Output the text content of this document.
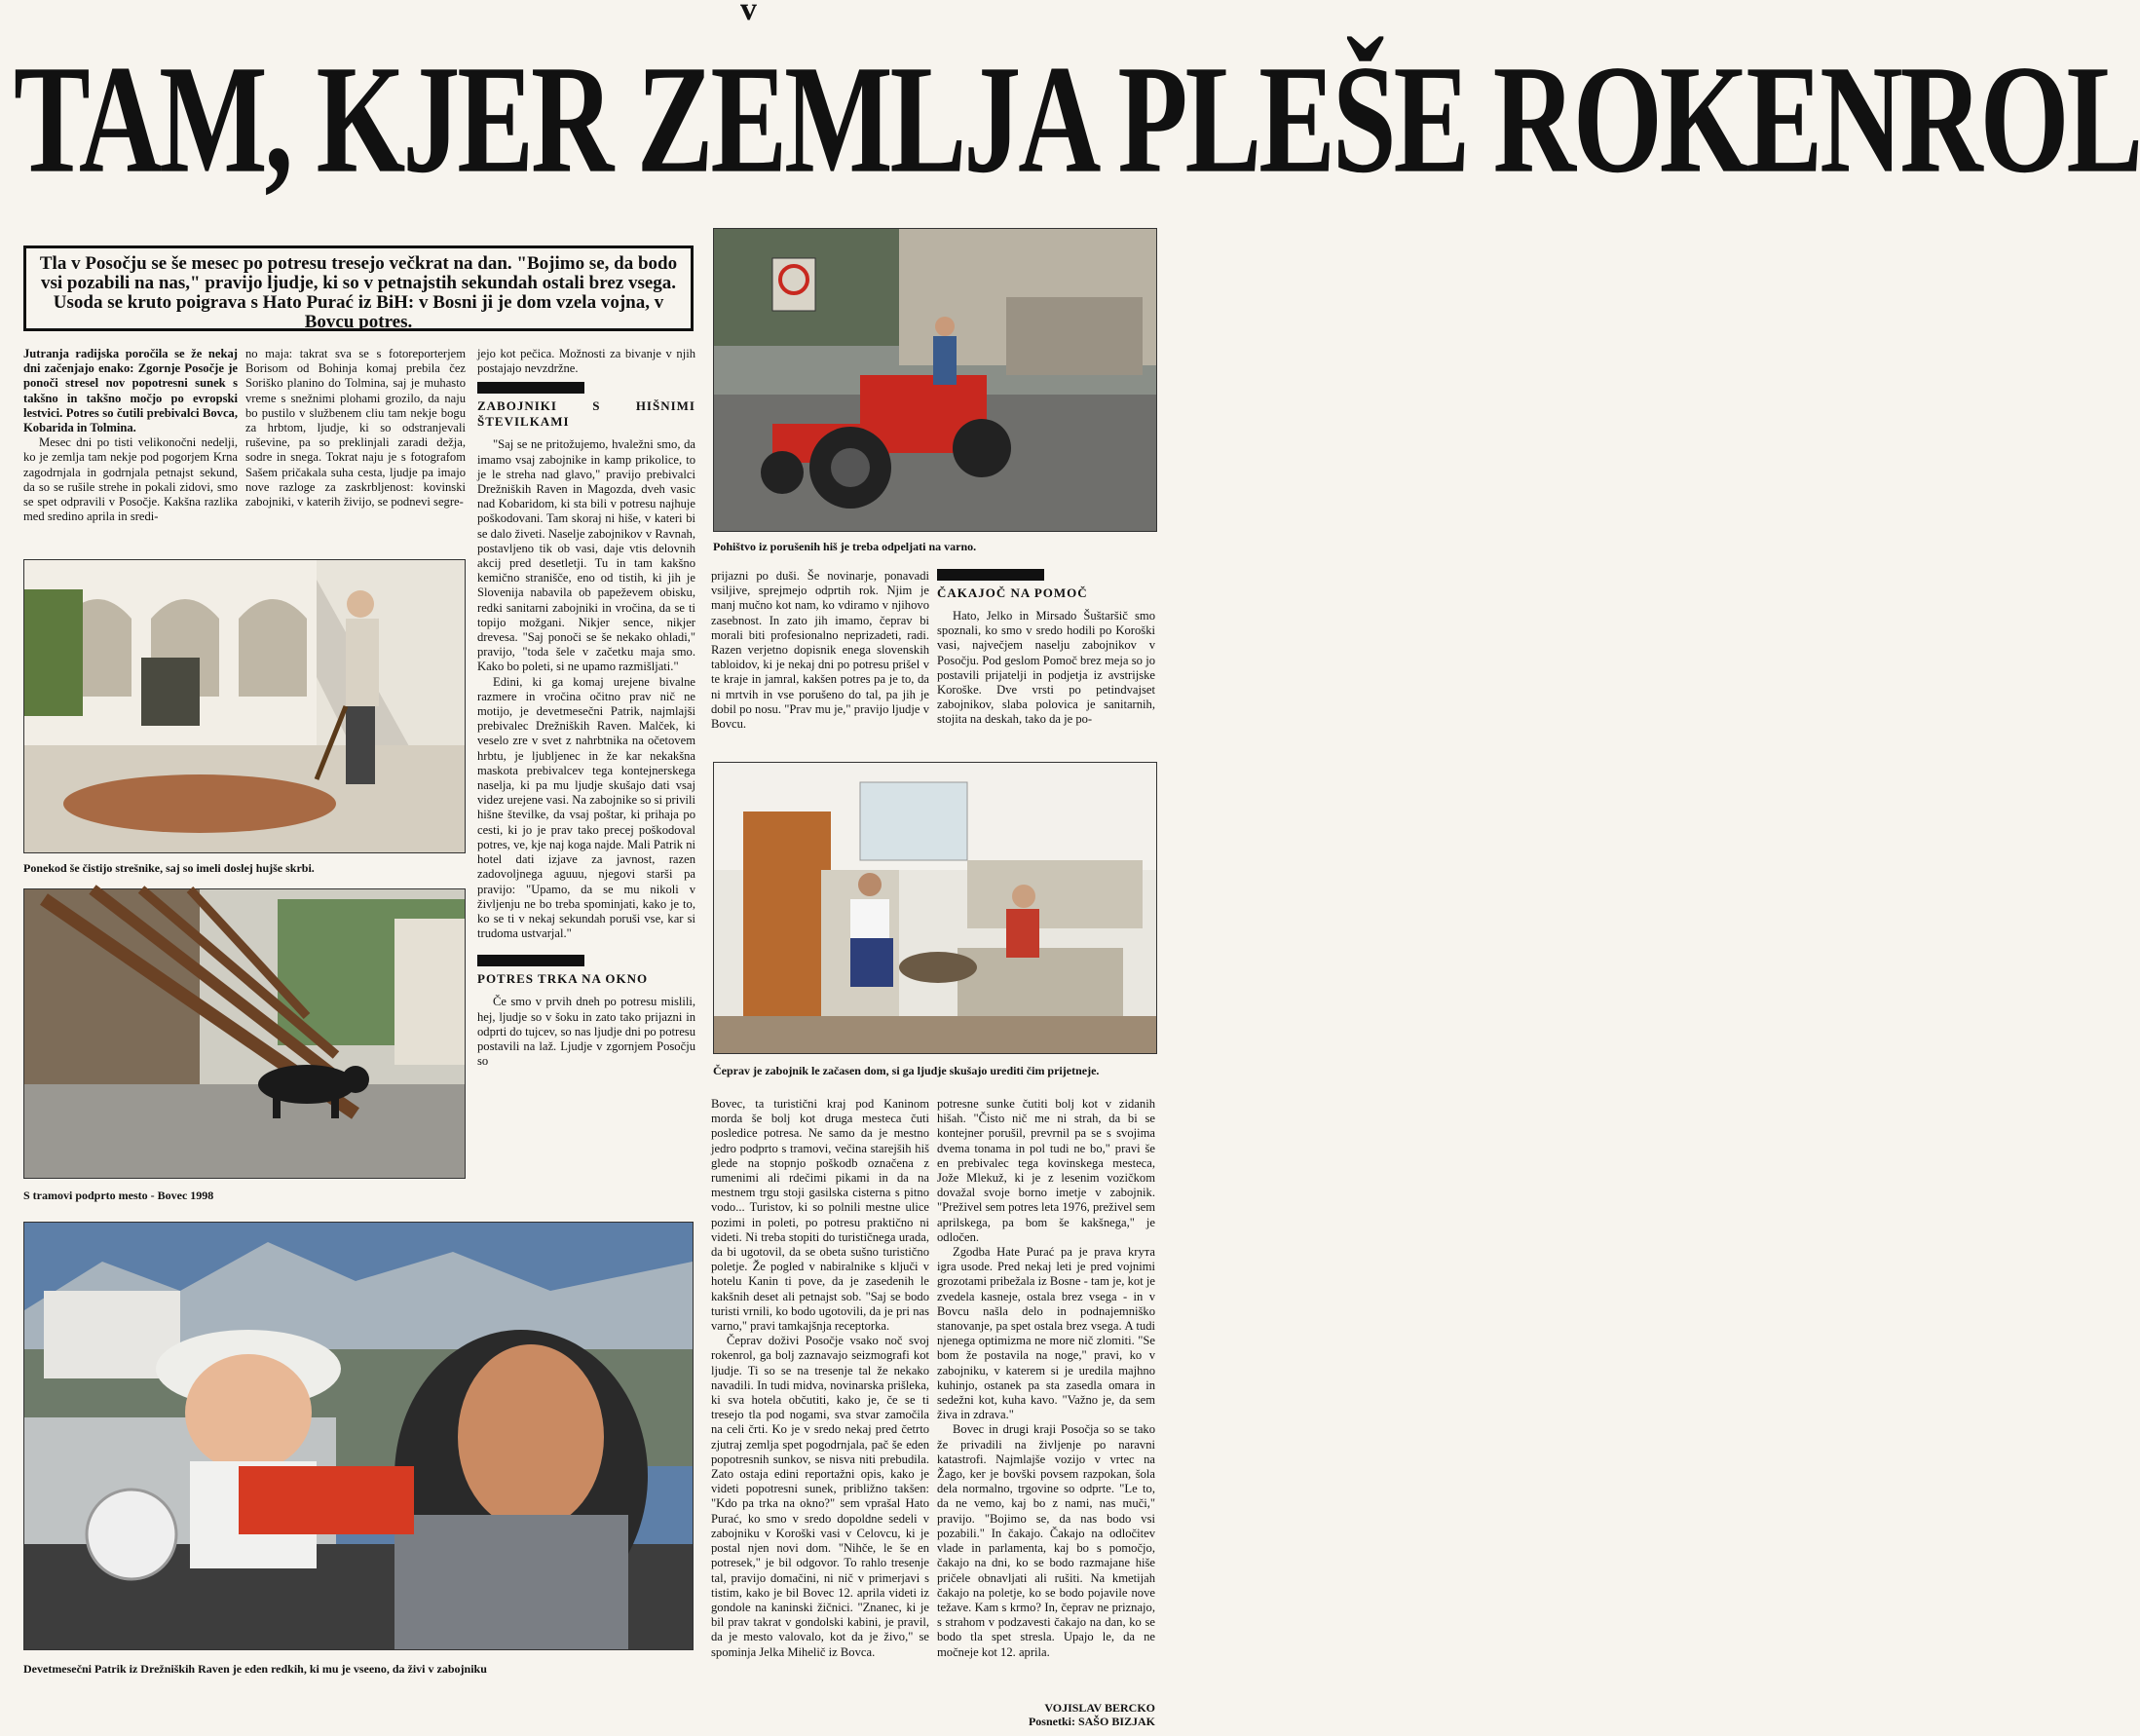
v
TAM, KJER ZEMLJA PLEŠE ROKENROL
Tla v Posočju se še mesec po potresu tresejo večkrat na dan. "Bojimo se, da bodo vsi pozabili na nas," pravijo ljudje, ki so v petnajstih sekundah ostali brez vsega. Usoda se kruto poigrava s Hato Purać iz BiH: v Bosni ji je dom vzela vojna, v Bovcu potres.

Jutranja radijska poročila se že nekaj dni začenjajo enako: Zgornje Posočje je ponoči stresel nov popotresni sunek s takšno in takšno močjo po evropski lestvici. Potres so čutili prebivalci Bovca, Kobarida in Tolmina.

Mesec dni po tisti velikonočni nedelji, ko je zemlja tam nekje pod pogorjem Krna zagodrnjala in godrnjala petnajst sekund, da so se rušile strehe in pokali zidovi, smo se spet odpravili v Posočje. Kakšna razlika med sredino aprila in sredi-

no maja: takrat sva se s fotoreporterjem Borisom od Bohinja komaj prebila čez Soriško planino do Tolmina, saj je muhasto vreme s snežnimi plohami grozilo, da naju bo pustilo v službenem cliu tam nekje bogu za hrbtom, ljudje, ki so odstranjevali ruševine, pa so preklinjali zaradi dežja, sodre in snega. Tokrat naju je s fotografom Sašem pričakala suha cesta, ljudje pa imajo nove razloge za zaskrbljenost: kovinski zabojniki, v katerih živijo, se podnevi segre-

jejo kot pečica. Možnosti za bivanje v njih postajajo nevzdržne.

ZABOJNIKI S HIŠNIMI ŠTEVILKAMI

"Saj se ne pritožujemo, hvaležni smo, da imamo vsaj zabojnike in kamp prikolice, to je le streha nad glavo," pravijo prebivalci Drežniških Raven in Magozda, dveh vasic nad Kobaridom, ki sta bili v potresu najhuje poškodovani. Tam skoraj ni hiše, v kateri bi se dalo živeti. Naselje zabojnikov v Ravnah, postavljeno tik ob vasi, daje vtis delovnih akcij pred desetletji. Tu in tam kakšno kemično stranišče, eno od tistih, ki jih je Slovenija nabavila ob papeževem obisku, redki sanitarni zabojniki in vročina, da se ti topijo možgani. Nikjer sence, nikjer drevesa. "Saj ponoči se še nekako ohladi," pravijo, "toda šele v začetku maja smo. Kako bo poleti, si ne upamo razmišljati."

Edini, ki ga komaj urejene bivalne razmere in vročina očitno prav nič ne motijo, je devetmesečni Patrik, najmlajši prebivalec Drežniških Raven. Malček, ki veselo zre v svet z nahrbtnika na očetovem hrbtu, je ljubljenec in že kar nekakšna maskota prebivalcev tega kontejnerskega naselja, ki pa mu ljudje skušajo dati vsaj videz urejene vasi. Na zabojnike so si privili hišne številke, da vsaj poštar, ki prihaja po cesti, ki jo je prav tako precej poškodoval potres, ve, kje naj koga najde. Mali Patrik ni hotel dati izjave za javnost, razen zadovoljnega aguuu, njegovi starši pa pravijo: "Upamo, da se mu nikoli v življenju ne bo treba spominjati, kako je to, ko se ti v nekaj sekundah poruši vse, kar si trudoma ustvarjal."

POTRES TRKA NA OKNO

Če smo v prvih dneh po potresu mislili, hej, ljudje so v šoku in zato tako prijazni in odprti do tujcev, so nas ljudje dni po potresu postavili na laž. Ljudje v zgornjem Posočju so

prijazni po duši. Še novinarje, ponavadi vsiljive, sprejmejo odprtih rok. Njim je manj mučno kot nam, ko vdiramo v njihovo zasebnost. In zato jih imamo, čeprav bi morali biti profesionalno neprizadeti, radi. Razen verjetno dopisnik enega slovenskih tabloidov, ki je nekaj dni po potresu prišel v te kraje in jamral, kakšen potres pa je to, da ni mrtvih in vse porušeno do tal, pa jih je dobil po nosu. "Prav mu je," pravijo ljudje v Bovcu.

ČAKAJOČ NA POMOČ

Hato, Jelko in Mirsado Šuštaršič smo spoznali, ko smo v sredo hodili po Koroški vasi, največjem naselju zabojnikov v Posočju. Pod geslom Pomoč brez meja so jo postavili prijatelji in podjetja iz avstrijske Koroške. Dve vrsti po petindvajset zabojnikov, slaba polovica je sanitarnih, stojita na deskah, tako da je po-

Bovec, ta turistični kraj pod Kaninom morda še bolj kot druga mesteca čuti posledice potresa. Ne samo da je mestno jedro podprto s tramovi, večina starejših hiš glede na stopnjo poškodb označena z rumenimi ali rdečimi pikami in da na mestnem trgu stoji gasilska cisterna s pitno vodo... Turistov, ki so polnili mestne ulice pozimi in poleti, po potresu praktično ni videti. Ni treba stopiti do turističnega urada, da bi ugotovil, da se obeta sušno turistično poletje. Že pogled v nabiralnike s ključi v hotelu Kanin ti pove, da je zasedenih le kakšnih deset ali petnajst sob. "Saj se bodo turisti vrnili, ko bodo ugotovili, da je pri nas varno," pravi tamkajšnja receptorka.

Čeprav doživi Posočje vsako noč svoj rokenrol, ga bolj zaznavajo seizmografi kot ljudje. Ti so se na tresenje tal že nekako navadili. In tudi midva, novinarska prišleka, ki sva hotela občutiti, kako je, če se ti tresejo tla pod nogami, sva stvar zamočila na celi črti. Ko je v sredo nekaj pred četrto zjutraj zemlja spet pogodrnjala, pač še eden popotresnih sunkov, se nisva niti prebudila. Zato ostaja edini reportažni opis, kako je videti popotresni sunek, približno takšen: "Kdo pa trka na okno?" sem vprašal Hato Purać, ko smo v sredo dopoldne sedeli v zabojniku v Koroški vasi v Celovcu, ki je postal njen novi dom. "Nihče, le še en potresek," je bil odgovor. To rahlo tresenje tal, pravijo domačini, ni nič v primerjavi s tistim, kako je bil Bovec 12. aprila videti iz gondole na kaninski žičnici. "Znanec, ki je bil prav takrat v gondolski kabini, je pravil, da je mesto valovalo, kot da je živo," se spominja Jelka Mihelič iz Bovca.

potresne sunke čutiti bolj kot v zidanih hišah. "Čisto nič me ni strah, da bi se kontejner porušil, prevrnil pa se s svojima dvema tonama in pol tudi ne bo," pravi še en prebivalec tega kovinskega mesteca, Jože Mlekuž, ki je z lesenim vozičkom dovažal svoje borno imetje v zabojnik. "Preživel sem potres leta 1976, preživel sem aprilskega, pa bom še kakšnega," je odločen.

Zgodba Hate Purać pa je prava krута igra usode. Pred nekaj leti je pred vojnimi grozotami pribežala iz Bosne - tam je, kot je zvedela kasneje, ostala brez vsega - in v Bovcu našla delo in podnajemniško stanovanje, pa spet ostala brez vsega. A tudi njenega optimizma ne more nič zlomiti. "Se bom že postavila na noge," pravi, ko v zabojniku, v katerem si je uredila majhno kuhinjo, ostanek pa sta zasedla omara in sedežni kot, kuha kavo. "Važno je, da sem živa in zdrava."

Bovec in drugi kraji Posočja so se tako že privadili na življenje po naravni katastrofi. Najmlajše vozijo v vrtec na Žago, ker je bovški povsem razpokan, šola dela normalno, trgovine so odprte. "Le to, da ne vemo, kaj bo z nami, nas muči," pravijo. "Bojimo se, da nas bodo vsi pozabili." In čakajo. Čakajo na odločitev vlade in parlamenta, kaj bo s pomočjo, čakajo na dni, ko se bodo razmajane hiše pričele obnavljati ali rušiti. Na kmetijah čakajo na poletje, ko se bodo pojavile nove težave. Kam s krmo? In, čeprav ne priznajo, s strahom v podzavesti čakajo na dan, ko se bodo tla spet stresla. Upajo le, da ne močneje kot 12. aprila.

Pohištvo iz porušenih hiš je treba odpeljati na varno.
Ponekod še čistijo strešnike, saj so imeli doslej hujše skrbi.
S tramovi podprto mesto - Bovec 1998
Čeprav je zabojnik le začasen dom, si ga ljudje skušajo urediti čim prijetneje.
Devetmesečni Patrik iz Drežniških Raven je eden redkih, ki mu je vseeno, da živi v zabojniku
VOJISLAV BERCKO
Posnetki: SAŠO BIZJAK
